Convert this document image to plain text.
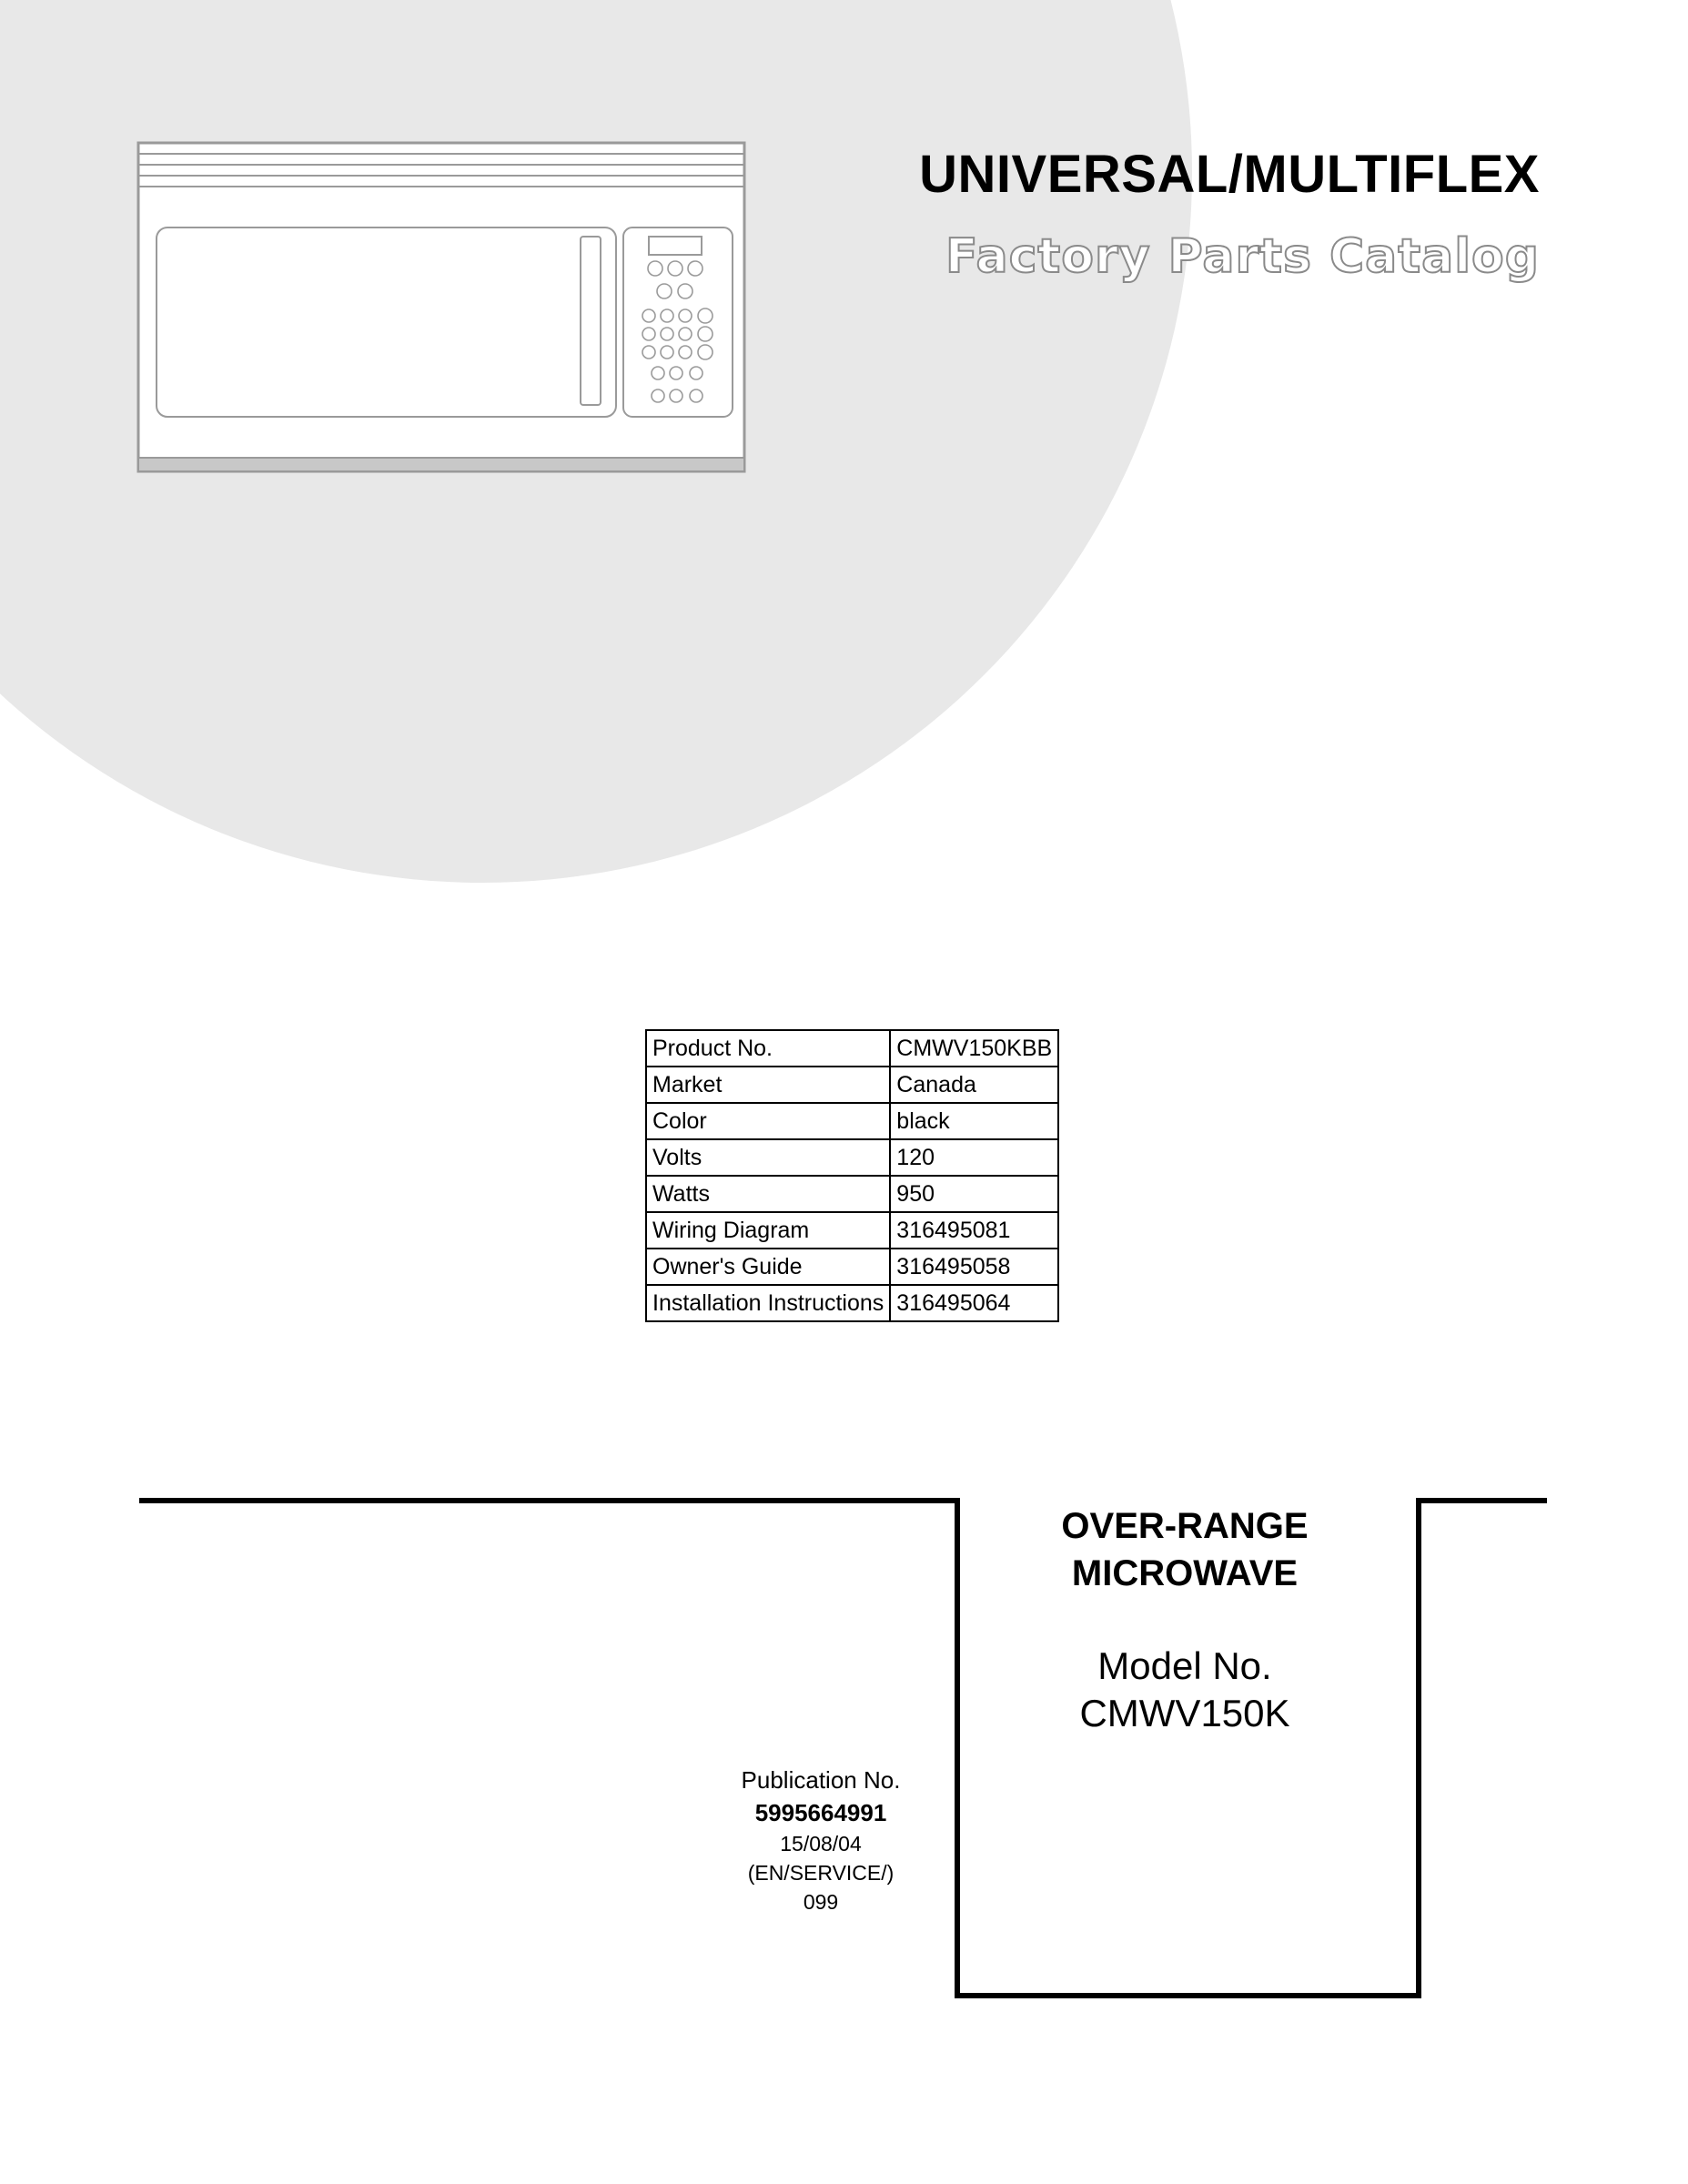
UNIVERSAL/MULTIFLEX
Factory Parts Catalog
Product No.	CMWV150KBB
Market	Canada
Color	black
Volts	120
Watts	950
Wiring Diagram	316495081
Owner's Guide	316495058
Installation Instructions	316495064
OVER-RANGE
MICROWAVE
Model No.
CMWV150K
Publication No.
5995664991
15/08/04
(EN/SERVICE/)
099
